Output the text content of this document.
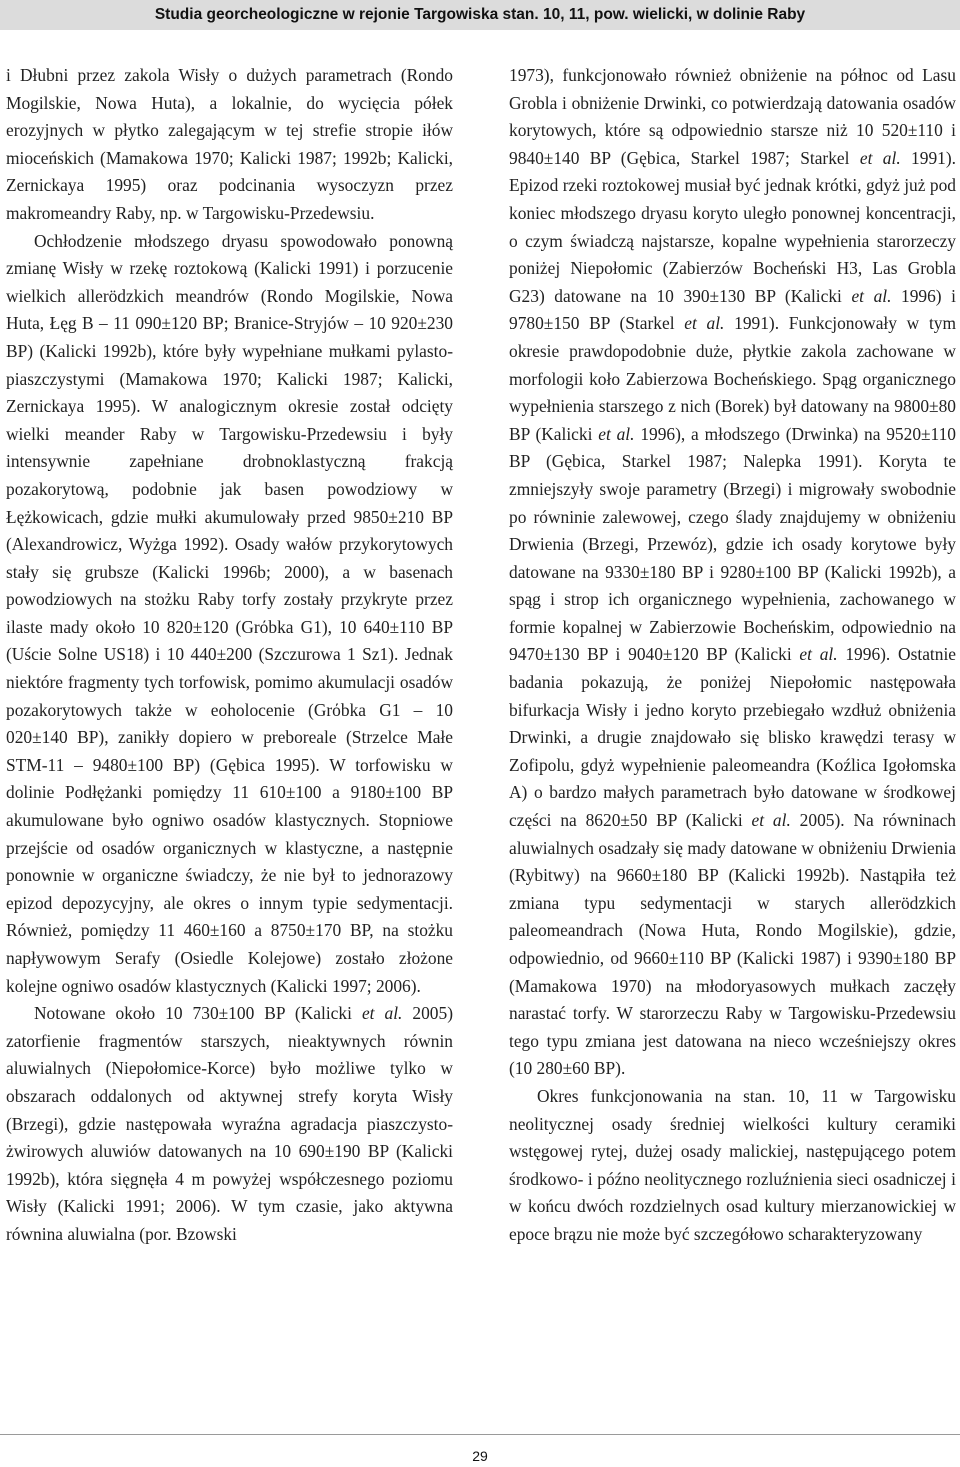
Studia georcheologiczne w rejonie Targowiska stan. 10, 11, pow. wielicki, w dolinie Raby

i Dłubni przez zakola Wisły o dużych parametrach (Rondo Mogilskie, Nowa Huta), a lokalnie, do wycięcia półek erozyjnych w płytko zalegającym w tej strefie stropie iłów mioceńskich (Mamakowa 1970; Kalicki 1987; 1992b; Kalicki, Zernickaya 1995) oraz podcinania wysoczyzn przez makromeandry Raby, np. w Targowisku-Przedewsiu.

Ochłodzenie młodszego dryasu spowodowało ponowną zmianę Wisły w rzekę roztokową (Kalicki 1991) i porzucenie wielkich allerödzkich meandrów (Rondo Mogilskie, Nowa Huta, Łęg B – 11 090±120 BP; Branice-Stryjów – 10 920±230 BP) (Kalicki 1992b), które były wypełniane mułkami pylasto-piaszczystymi (Mamakowa 1970; Kalicki 1987; Kalicki, Zernickaya 1995). W analogicznym okresie został odcięty wielki meander Raby w Targowisku-Przedewsiu i były intensywnie zapełniane drobnoklastyczną frakcją pozakorytową, podobnie jak basen powodziowy w Łężkowicach, gdzie mułki akumulowały przed 9850±210 BP (Alexandrowicz, Wyżga 1992). Osady wałów przykorytowych stały się grubsze (Kalicki 1996b; 2000), a w basenach powodziowych na stożku Raby torfy zostały przykryte przez ilaste mady około 10 820±120 (Grόbka G1), 10 640±110 BP (Uście Solne US18) i 10 440±200 (Szczurowa 1 Sz1). Jednak niektóre fragmenty tych torfowisk, pomimo akumulacji osadów pozakorytowych także w eoholocenie (Grόbka G1 – 10 020±140 BP), zanikły dopiero w preboreale (Strzelce Małe STM-11 – 9480±100 BP) (Gębica 1995). W torfowisku w dolinie Podłężanki pomiędzy 11 610±100 a 9180±100 BP akumulowane było ogniwo osadów klastycznych. Stopniowe przejście od osadów organicznych w klastyczne, a następnie ponownie w organiczne świadczy, że nie był to jednorazowy epizod depozycyjny, ale okres o innym typie sedymentacji. Również, pomiędzy 11 460±160 a 8750±170 BP, na stożku napływowym Serafy (Osiedle Kolejowe) zostało złożone kolejne ogniwo osadów klastycznych (Kalicki 1997; 2006).

Notowane około 10 730±100 BP (Kalicki et al. 2005) zatorfienie fragmentów starszych, nieaktywnych równin aluwialnych (Niepołomice-Korce) było możliwe tylko w obszarach oddalonych od aktywnej strefy koryta Wisły (Brzegi), gdzie następowała wyraźna agradacja piaszczysto-żwirowych aluwiów datowanych na 10 690±190 BP (Kalicki 1992b), która sięgnęła 4 m powyżej współczesnego poziomu Wisły (Kalicki 1991; 2006). W tym czasie, jako aktywna równina aluwialna (por. Bzowski

1973), funkcjonowało również obniżenie na północ od Lasu Grobla i obniżenie Drwinki, co potwierdzają datowania osadów korytowych, które są odpowiednio starsze niż 10 520±110 i 9840±140 BP (Gębica, Starkel 1987; Starkel et al. 1991). Epizod rzeki roztokowej musiał być jednak krótki, gdyż już pod koniec młodszego dryasu koryto uległo ponownej koncentracji, o czym świadczą najstarsze, kopalne wypełnienia starorzeczy poniżej Niepołomic (Zabierzów Bocheński H3, Las Grobla G23) datowane na 10 390±130 BP (Kalicki et al. 1996) i 9780±150 BP (Starkel et al. 1991). Funkcjonowały w tym okresie prawdopodobnie duże, płytkie zakola zachowane w morfologii koło Zabierzowa Bocheńskiego. Spąg organicznego wypełnienia starszego z nich (Borek) był datowany na 9800±80 BP (Kalicki et al. 1996), a młodszego (Drwinka) na 9520±110 BP (Gębica, Starkel 1987; Nalepka 1991). Koryta te zmniejszyły swoje parametry (Brzegi) i migrowały swobodnie po równinie zalewowej, czego ślady znajdujemy w obniżeniu Drwienia (Brzegi, Przewóz), gdzie ich osady korytowe były datowane na 9330±180 BP i 9280±100 BP (Kalicki 1992b), a spąg i strop ich organicznego wypełnienia, zachowanego w formie kopalnej w Zabierzowie Bocheńskim, odpowiednio na 9470±130 BP i 9040±120 BP (Kalicki et al. 1996). Ostatnie badania pokazują, że poniżej Niepołomic następowała bifurkacja Wisły i jedno koryto przebiegało wzdłuż obniżenia Drwinki, a drugie znajdowało się blisko krawędzi terasy w Zofipolu, gdyż wypełnienie paleomeandra (Koźlica Igołomska A) o bardzo małych parametrach było datowane w środkowej części na 8620±50 BP (Kalicki et al. 2005). Na równinach aluwialnych osadzały się mady datowane w obniżeniu Drwienia (Rybitwy) na 9660±180 BP (Kalicki 1992b). Nastąpiła też zmiana typu sedymentacji w starych allerödzkich paleomeandrach (Nowa Huta, Rondo Mogilskie), gdzie, odpowiednio, od 9660±110 BP (Kalicki 1987) i 9390±180 BP (Mamakowa 1970) na młodoryasowych mułkach zaczęły narastać torfy. W starorzeczu Raby w Targowisku-Przedewsiu tego typu zmiana jest datowana na nieco wcześniejszy okres (10 280±60 BP).

Okres funkcjonowania na stan. 10, 11 w Targowisku neolitycznej osady średniej wielkości kultury ceramiki wstęgowej rytej, dużej osady malickiej, następującego potem środkowo- i późno neolitycznego rozluźnienia sieci osadniczej i w końcu dwóch rozdzielnych osad kultury mierzanowickiej w epoce brązu nie może być szczegółowo scharakteryzowany

29
